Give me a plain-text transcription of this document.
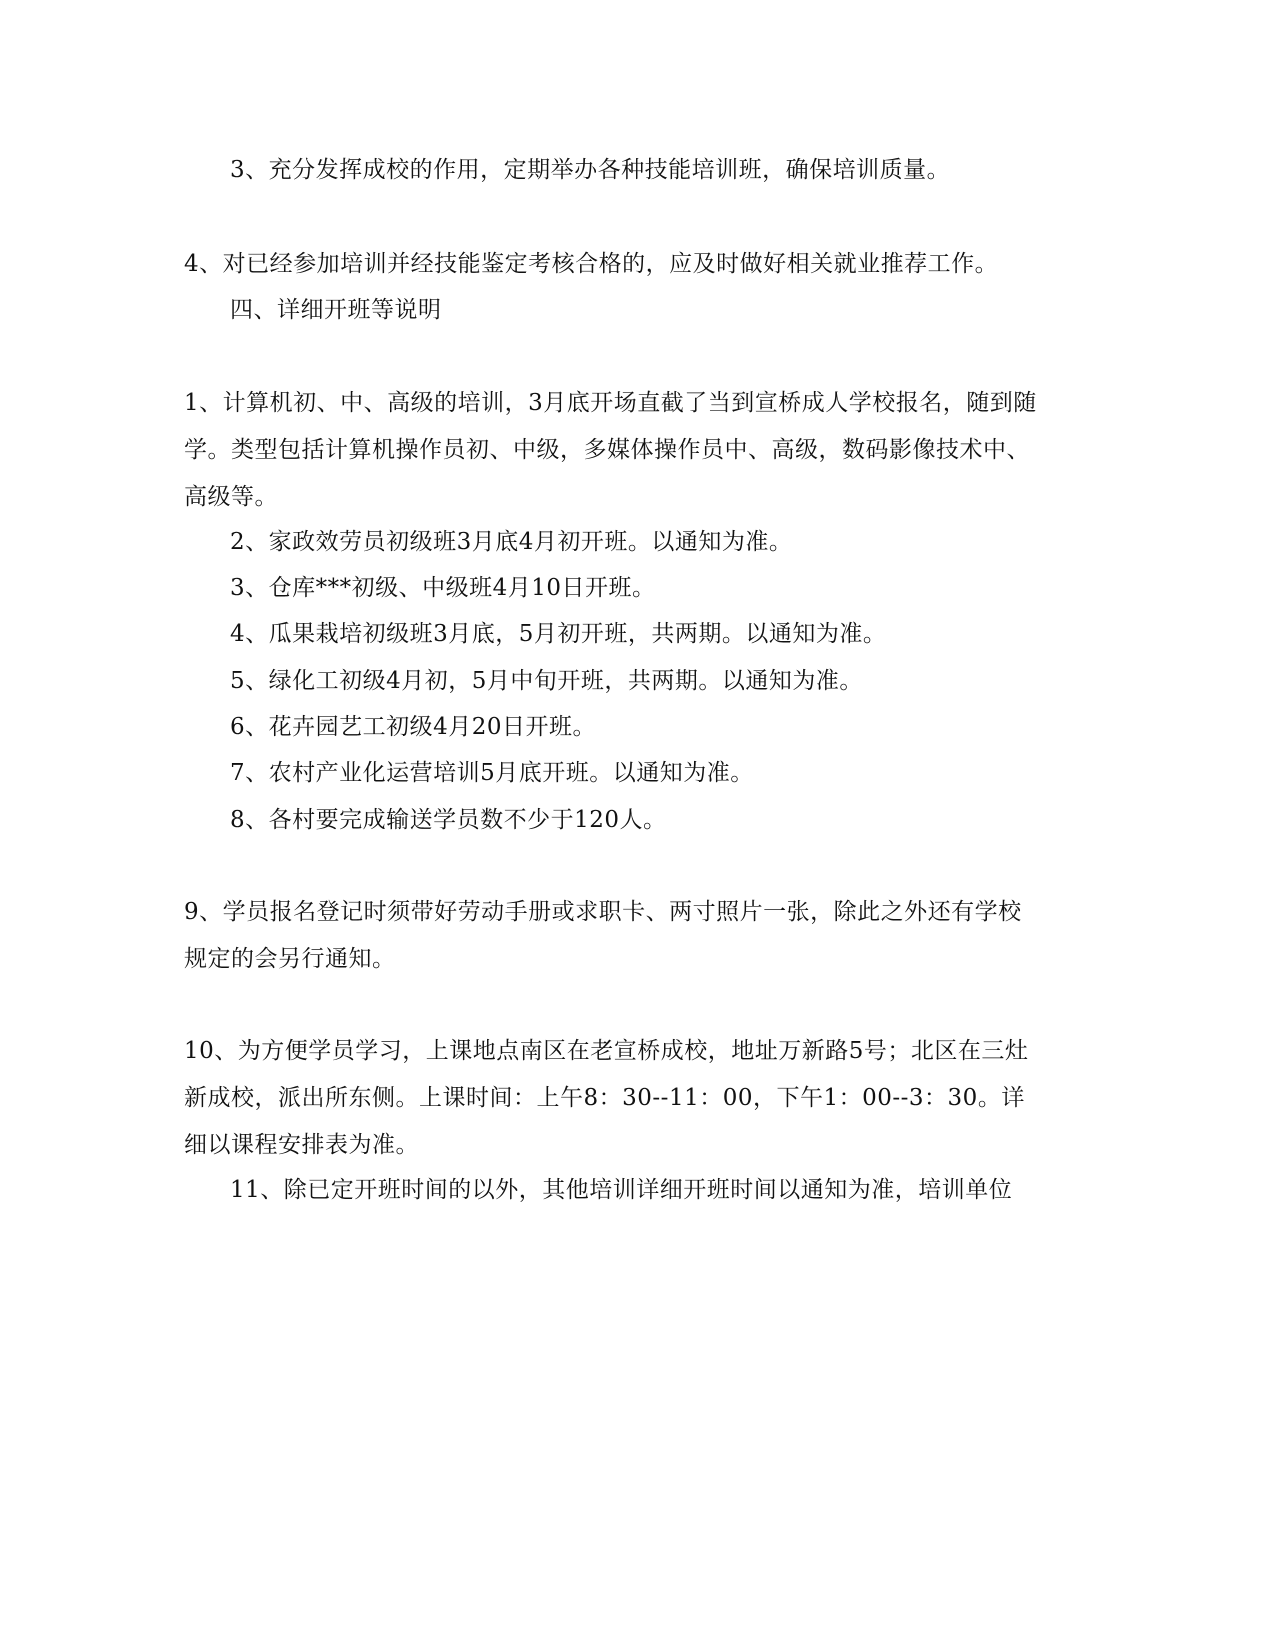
3、充分发挥成校的作用，定期举办各种技能培训班，确保培训质量。
4、对已经参加培训并经技能鉴定考核合格的，应及时做好相关就业推荐工作。
四、详细开班等说明
1、计算机初、中、高级的培训，3月底开场直截了当到宣桥成人学校报名，随到随学。类型包括计算机操作员初、中级，多媒体操作员中、高级，数码影像技术中、高级等。
2、家政效劳员初级班3月底4月初开班。以通知为准。
3、仓库***初级、中级班4月10日开班。
4、瓜果栽培初级班3月底，5月初开班，共两期。以通知为准。
5、绿化工初级4月初，5月中旬开班，共两期。以通知为准。
6、花卉园艺工初级4月20日开班。
7、农村产业化运营培训5月底开班。以通知为准。
8、各村要完成输送学员数不少于120人。
9、学员报名登记时须带好劳动手册或求职卡、两寸照片一张，除此之外还有学校规定的会另行通知。
10、为方便学员学习，上课地点南区在老宣桥成校，地址万新路5号；北区在三灶新成校，派出所东侧。上课时间：上午8：30--11：00，下午1：00--3：30。详细以课程安排表为准。
11、除已定开班时间的以外，其他培训详细开班时间以通知为准，培训单位
